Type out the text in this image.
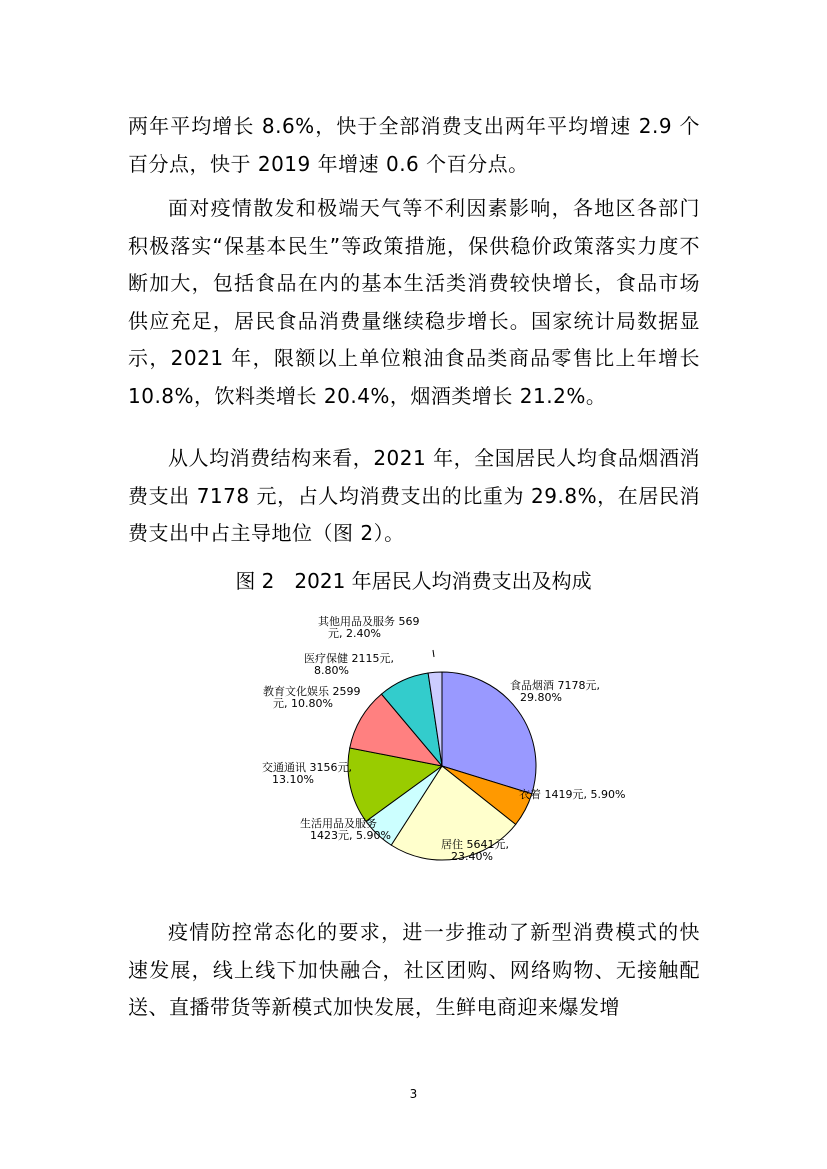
两年平均增长 8.6%，快于全部消费支出两年平均增速 2.9 个百分点，快于 2019 年增速 0.6 个百分点。

面对疫情散发和极端天气等不利因素影响，各地区各部门积极落实“保基本民生”等政策措施，保供稳价政策落实力度不断加大，包括食品在内的基本生活类消费较快增长，食品市场供应充足，居民食品消费量继续稳步增长。国家统计局数据显示，2021 年，限额以上单位粮油食品类商品零售比上年增长 10.8%，饮料类增长 20.4%，烟酒类增长 21.2%。

从人均消费结构来看，2021 年，全国居民人均食品烟酒消费支出 7178 元，占人均消费支出的比重为 29.8%，在居民消费支出中占主导地位（图 2）。

图 2　2021 年居民人均消费支出及构成

食品烟酒 7178元, 29.80%
衣着 1419元, 5.90%
居住 5641元, 23.40%
生活用品及服务 1423元, 5.90%
交通通讯 3156元, 13.10%
教育文化娱乐 2599 元, 10.80%
医疗保健 2115元, 8.80%
其他用品及服务 569 元, 2.40%

疫情防控常态化的要求，进一步推动了新型消费模式的快速发展，线上线下加快融合，社区团购、网络购物、无接触配送、直播带货等新模式加快发展，生鲜电商迎来爆发增

3
